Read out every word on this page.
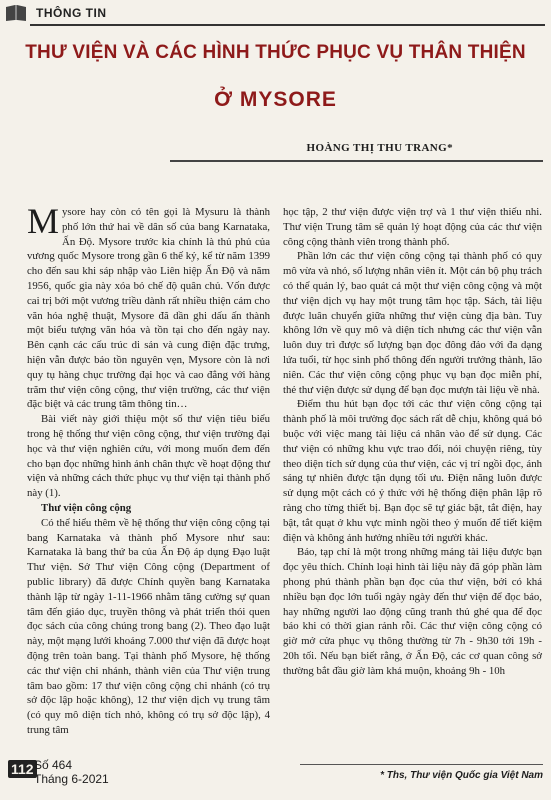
THÔNG TIN
THƯ VIỆN VÀ CÁC HÌNH THỨC PHỤC VỤ THÂN THIỆN
Ở MYSORE
HOÀNG THỊ THU TRANG*

Mysore hay còn có tên gọi là Mysuru là thành phố lớn thứ hai về dân số của bang Karnataka, Ấn Độ. Mysore trước kia chính là thủ phủ của vương quốc Mysore trong gần 6 thế kỷ, kể từ năm 1399 cho đến sau khi sáp nhập vào Liên hiệp Ấn Độ và năm 1956, quốc gia này xóa bỏ chế độ quân chủ. Vốn được cai trị bởi một vương triều dành rất nhiều thiện cảm cho văn hóa nghệ thuật, Mysore đã dần ghi dấu ấn thành một biểu tượng văn hóa và tồn tại cho đến ngày nay. Bên cạnh các cấu trúc di sản và cung điện đặc trưng, hiện vẫn được bảo tồn nguyên vẹn, Mysore còn là nơi quy tụ hàng chục trường đại học và cao đẳng với hàng trăm thư viện công cộng, thư viện trường, các thư viện đặc biệt và các trung tâm thông tin…

Bài viết này giới thiệu một số thư viện tiêu biểu trong hệ thống thư viện công cộng, thư viện trường đại học và thư viện nghiên cứu, với mong muốn đem đến cho bạn đọc những hình ảnh chân thực về hoạt động thư viện và những cách thức phục vụ thư viện tại thành phố này (1).

Thư viện công cộng

Có thể hiểu thêm về hệ thống thư viện công cộng tại bang Karnataka và thành phố Mysore như sau: Karnataka là bang thứ ba của Ấn Độ áp dụng Đạo luật Thư viện. Sở Thư viện Công cộng (Department of public library) đã được Chính quyền bang Karnataka thành lập từ ngày 1-11-1966 nhằm tăng cường sự quan tâm đến giáo dục, truyền thông và phát triển thói quen đọc sách của công chúng trong bang (2). Theo đạo luật này, một mạng lưới khoảng 7.000 thư viện đã được hoạt động trên toàn bang. Tại thành phố Mysore, hệ thống các thư viện chi nhánh, thành viên của Thư viện trung tâm bao gồm: 17 thư viện công cộng chi nhánh (có trụ sở độc lập hoặc không), 12 thư viện dịch vụ trung tâm (có quy mô diện tích nhỏ, không có trụ sở độc lập), 4 trung tâm

học tập, 2 thư viện được viện trợ và 1 thư viện thiếu nhi. Thư viện Trung tâm sẽ quản lý hoạt động của các thư viện công cộng thành viên trong thành phố.

Phần lớn các thư viện công cộng tại thành phố có quy mô vừa và nhỏ, số lượng nhân viên ít. Một cán bộ phụ trách có thể quản lý, bao quát cả một thư viện công cộng và một thư viện dịch vụ hay một trung tâm học tập. Sách, tài liệu được luân chuyển giữa những thư viện cùng địa bàn. Tuy không lớn về quy mô và diện tích nhưng các thư viện vẫn luôn duy trì được số lượng bạn đọc đông đảo với đa dạng lứa tuổi, từ học sinh phổ thông đến người trưởng thành, lão niên. Các thư viện công cộng phục vụ bạn đọc miễn phí, thẻ thư viện được sử dụng để bạn đọc mượn tài liệu về nhà.

Điểm thu hút bạn đọc tới các thư viện công cộng tại thành phố là môi trường đọc sách rất dễ chịu, không quá bó buộc với việc mang tài liệu cá nhân vào để sử dụng. Các thư viện có những khu vực trao đổi, nói chuyện riêng, tùy theo diện tích sử dụng của thư viện, các vị trí ngồi đọc, ánh sáng tự nhiên được tận dụng tối ưu. Điện năng luôn được sử dụng một cách có ý thức với hệ thống điện phân lập rõ ràng cho từng thiết bị. Bạn đọc sẽ tự giác bật, tắt điện, hay bật, tắt quạt ở khu vực mình ngồi theo ý muốn để tiết kiệm điện và không ảnh hưởng nhiều tới người khác.

Báo, tạp chí là một trong những mảng tài liệu được bạn đọc yêu thích. Chính loại hình tài liệu này đã góp phần làm phong phú thành phần bạn đọc của thư viện, bởi có khá nhiều bạn đọc lớn tuổi ngày ngày đến thư viện để đọc báo, hay những người lao động cũng tranh thủ ghé qua để đọc báo khi có thời gian rảnh rỗi. Các thư viện công cộng có giờ mở cửa phục vụ thông thường từ 7h - 9h30 tới 19h - 20h tối. Nếu bạn biết rằng, ở Ấn Độ, các cơ quan công sở thường bắt đầu giờ làm khá muộn, khoảng 9h - 10h

112 Số 464
Tháng 6-2021	* Ths, Thư viện Quốc gia Việt Nam
